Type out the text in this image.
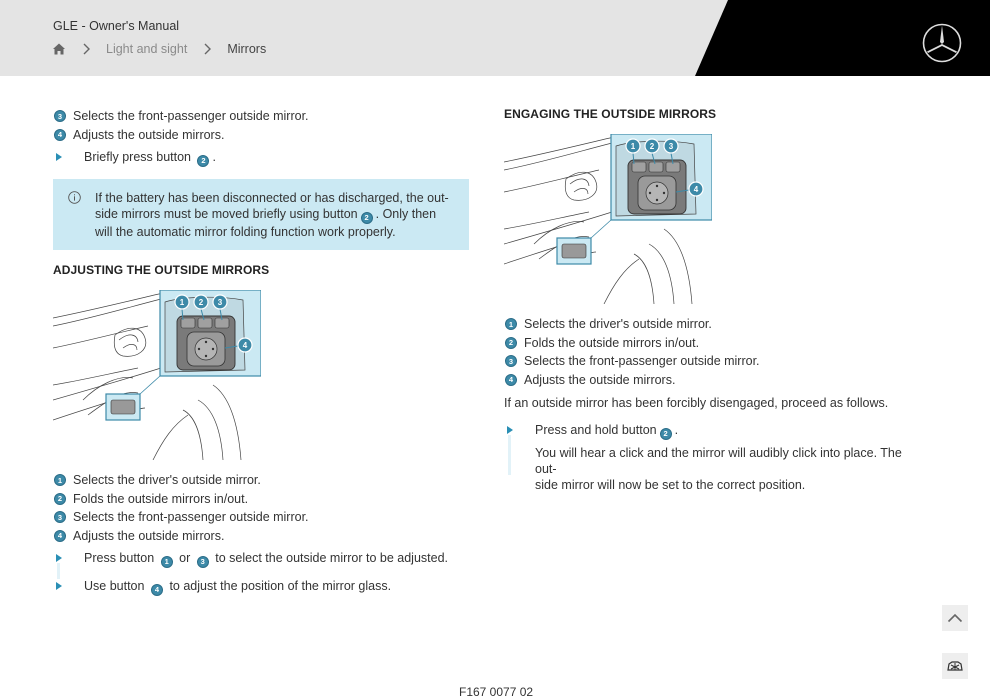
GLE - Owner's Manual
Light and sight	Mirrors
3 Selects the front-passenger outside mirror.
4 Adjusts the outside mirrors.
Briefly press button 2 .
If the battery has been disconnected or has discharged, the out-
side mirrors must be moved briefly using button 2 . Only then
will the automatic mirror folding function work properly.
ADJUSTING THE OUTSIDE MIRRORS
1 2 3
4
1 Selects the driver's outside mirror.
2 Folds the outside mirrors in/out.
3 Selects the front-passenger outside mirror.
4 Adjusts the outside mirrors.
Press button 1 or 3 to select the outside mirror to be adjusted.
Use button 4 to adjust the position of the mirror glass.
ENGAGING THE OUTSIDE MIRRORS
1 2 3
4
1 Selects the driver's outside mirror.
2 Folds the outside mirrors in/out.
3 Selects the front-passenger outside mirror.
4 Adjusts the outside mirrors.
If an outside mirror has been forcibly disengaged, proceed as follows.
Press and hold button 2 .
You will hear a click and the mirror will audibly click into place. The out-
side mirror will now be set to the correct position.
F167 0077 02
